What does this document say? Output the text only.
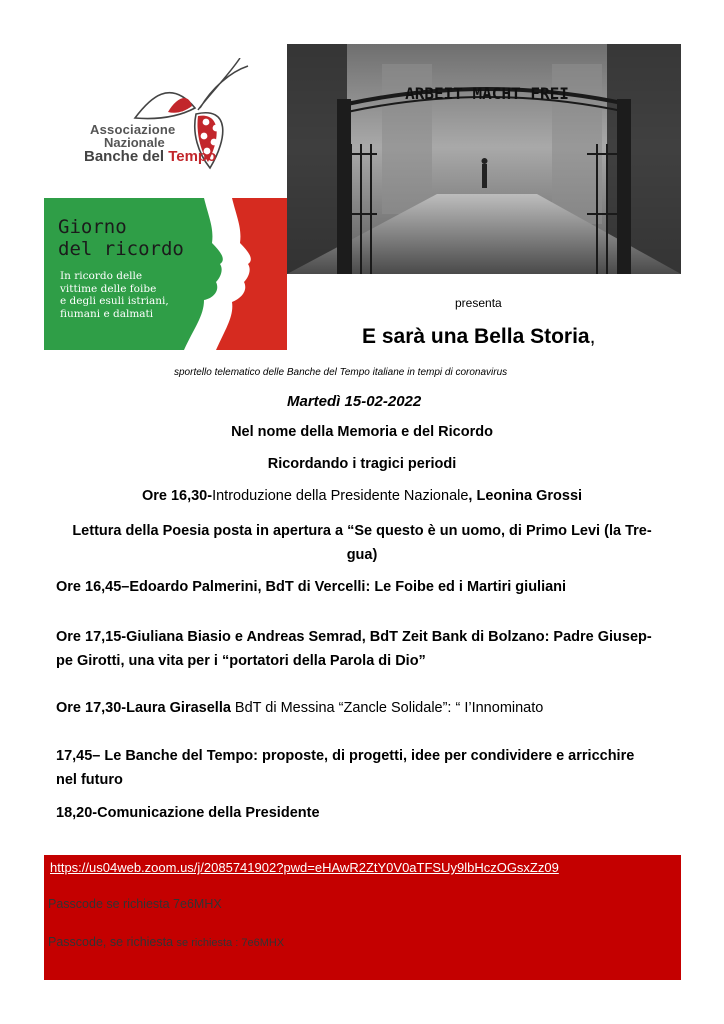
Associazione
Nazionale
Banche del Tempo
ARBEIT MACHT FREI
Giorno
del ricordo
In ricordo delle
vittime delle foibe
e degli esuli istriani,
fiumani e dalmati
presenta
E sarà una Bella Storia,
sportello telematico delle Banche del Tempo italiane in tempi di coronavirus
Martedì 15-02-2022
Nel nome della Memoria e del Ricordo
Ricordando i tragici periodi
Ore 16,30-Introduzione della Presidente Nazionale, Leonina Grossi
Lettura della Poesia posta in apertura a “Se questo è un uomo, di Primo Levi (la Tre-
gua)
Ore 16,45–Edoardo Palmerini, BdT di Vercelli: Le Foibe ed i Martiri giuliani
Ore 17,15-Giuliana Biasio e Andreas Semrad, BdT Zeit Bank di Bolzano: Padre Giusep-
pe Girotti, una vita per i “portatori della Parola di Dio”
Ore 17,30-Laura Girasella BdT di Messina “Zancle Solidale”: “ I’Innominato
17,45– Le Banche del Tempo: proposte, di progetti, idee per condividere e arricchire
nel futuro
18,20-Comunicazione della Presidente
https://us04web.zoom.us/j/2085741902?pwd=eHAwR2ZtY0V0aTFSUy9lbHczOGsxZz09
Passcode se richiesta 7e6MHX
Passcode, se richiesta se richiesta : 7e6MHX
